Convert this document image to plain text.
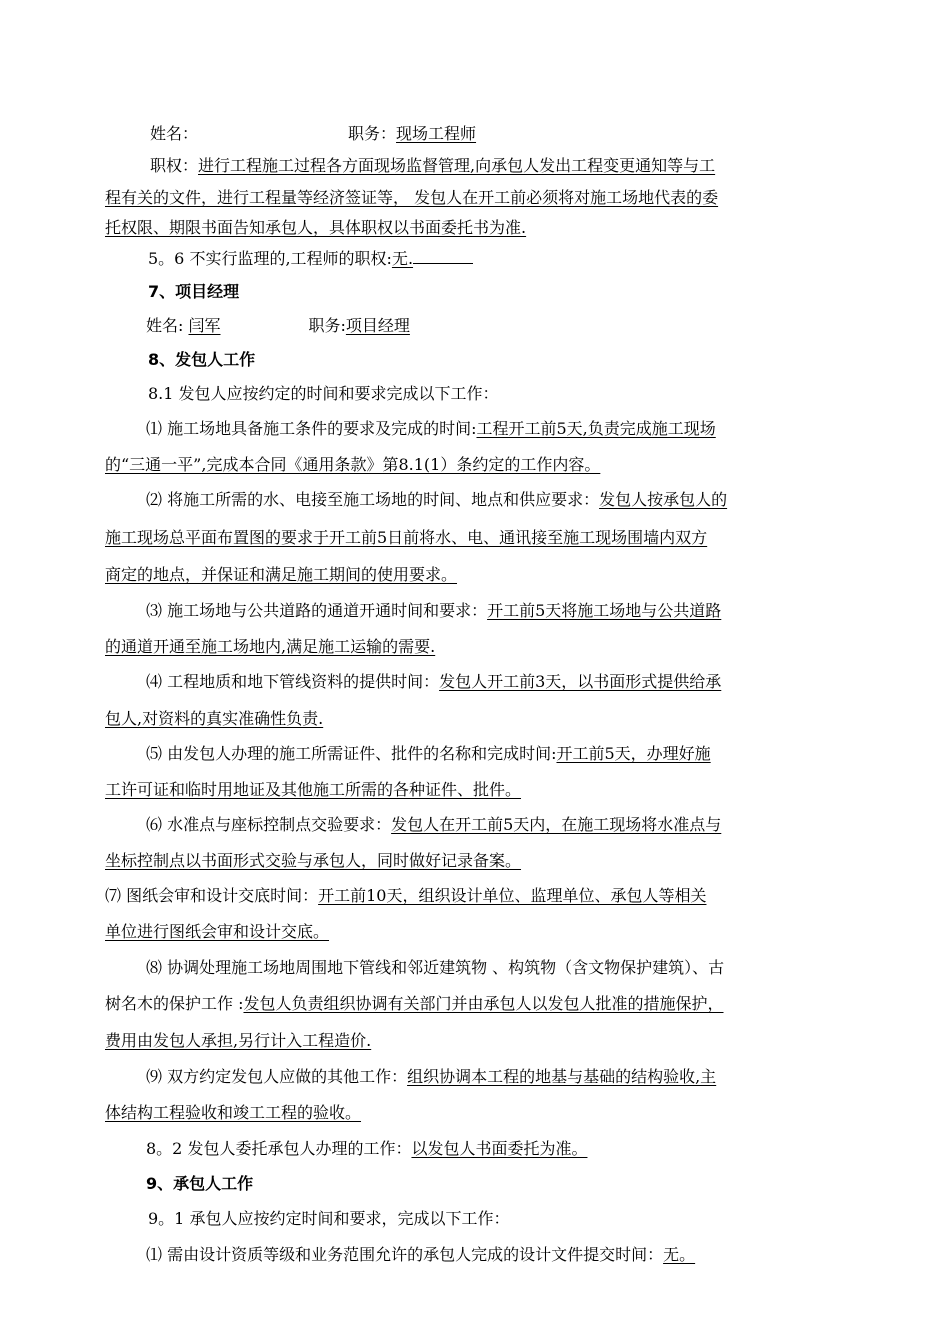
姓名：	职务：现场工程师
职权：进行工程施工过程各方面现场监督管理,向承包人发出工程变更通知等与工
程有关的文件，进行工程量等经济签证等， 发包人在开工前必须将对施工场地代表的委
托权限、期限书面告知承包人，具体职权以书面委托书为准.
5。6 不实行监理的,工程师的职权:无.
7、项目经理
姓名: 闫军	职务:项目经理
8、发包人工作
8.1 发包人应按约定的时间和要求完成以下工作：
⑴ 施工场地具备施工条件的要求及完成的时间:工程开工前5天,负责完成施工现场
的“三通一平”,完成本合同《通用条款》第8.1(1）条约定的工作内容。
⑵ 将施工所需的水、电接至施工场地的时间、地点和供应要求：发包人按承包人的
施工现场总平面布置图的要求于开工前5日前将水、电、通讯接至施工现场围墙内双方
商定的地点，并保证和满足施工期间的使用要求。
⑶ 施工场地与公共道路的通道开通时间和要求：开工前5天将施工场地与公共道路
的通道开通至施工场地内,满足施工运输的需要.
⑷ 工程地质和地下管线资料的提供时间：发包人开工前3天，以书面形式提供给承
包人,对资料的真实准确性负责.
⑸ 由发包人办理的施工所需证件、批件的名称和完成时间:开工前5天，办理好施
工许可证和临时用地证及其他施工所需的各种证件、批件。
⑹ 水准点与座标控制点交验要求：发包人在开工前5天内，在施工现场将水准点与
坐标控制点以书面形式交验与承包人，同时做好记录备案。
⑺ 图纸会审和设计交底时间：开工前10天，组织设计单位、监理单位、承包人等相关
单位进行图纸会审和设计交底。
⑻ 协调处理施工场地周围地下管线和邻近建筑物 、构筑物（含文物保护建筑）、古
树名木的保护工作 :发包人负责组织协调有关部门并由承包人以发包人批准的措施保护，
费用由发包人承担,另行计入工程造价.
⑼ 双方约定发包人应做的其他工作：组织协调本工程的地基与基础的结构验收,主
体结构工程验收和竣工工程的验收。
8。2 发包人委托承包人办理的工作：以发包人书面委托为准。
9、承包人工作
9。1 承包人应按约定时间和要求，完成以下工作：
⑴ 需由设计资质等级和业务范围允许的承包人完成的设计文件提交时间：无。
